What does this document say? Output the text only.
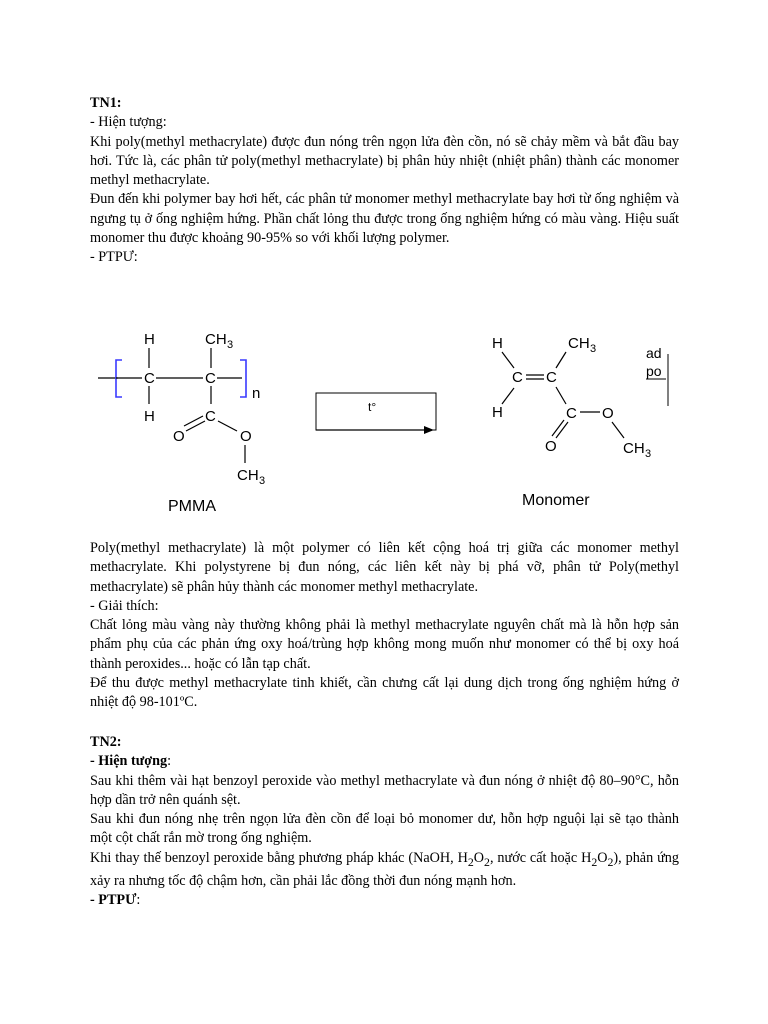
TN1:

- Hiện tượng:

Khi poly(methyl methacrylate) được đun nóng trên ngọn lửa đèn cồn, nó sẽ chảy mềm và bắt đầu bay hơi. Tức là, các phân tử poly(methyl methacrylate) bị phân hủy nhiệt (nhiệt phân) thành các monomer methyl methacrylate.

Đun đến khi polymer bay hơi hết, các phân tử monomer methyl methacrylate bay hơi từ ống nghiệm và ngưng tụ ở ống nghiệm hứng. Phần chất lỏng thu được trong ống nghiệm hứng có màu vàng. Hiệu suất monomer thu được khoảng 90-95% so với khối lượng polymer.

- PTPƯ:

C
H
H
C
CH 3
n
C
O	O
CH 3
PMMA
t°
H
C
H
C
CH 3
C O
O	CH 3
Monomer
ad
po

Poly(methyl methacrylate) là một polymer có liên kết cộng hoá trị giữa các monomer methyl methacrylate. Khi polystyrene bị đun nóng, các liên kết này bị phá vỡ, phân tử Poly(methyl methacrylate) sẽ phân hủy thành các monomer methyl methacrylate.

- Giải thích:

Chất lỏng màu vàng này thường không phải là methyl methacrylate nguyên chất mà là hỗn hợp sản phẩm phụ của các phản ứng oxy hoá/trùng hợp không mong muốn như monomer có thể bị oxy hoá thành peroxides... hoặc có lẫn tạp chất.

Để thu được methyl methacrylate tinh khiết, cần chưng cất lại dung dịch trong ống nghiệm hứng ở nhiệt độ 98-101ºC.

TN2:

- Hiện tượng:

Sau khi thêm vài hạt benzoyl peroxide vào methyl methacrylate và đun nóng ở nhiệt độ 80–90°C, hỗn hợp dần trở nên quánh sệt.

Sau khi đun nóng nhẹ trên ngọn lửa đèn cồn để loại bỏ monomer dư, hỗn hợp nguội lại sẽ tạo thành một cột chất rắn mờ trong ống nghiệm.

Khi thay thế benzoyl peroxide bằng phương pháp khác (NaOH, $H_2O_2$, nước cất hoặc $H_2O_2$), phản ứng xảy ra nhưng tốc độ chậm hơn, cần phải lắc đồng thời đun nóng mạnh hơn.

- PTPƯ:
